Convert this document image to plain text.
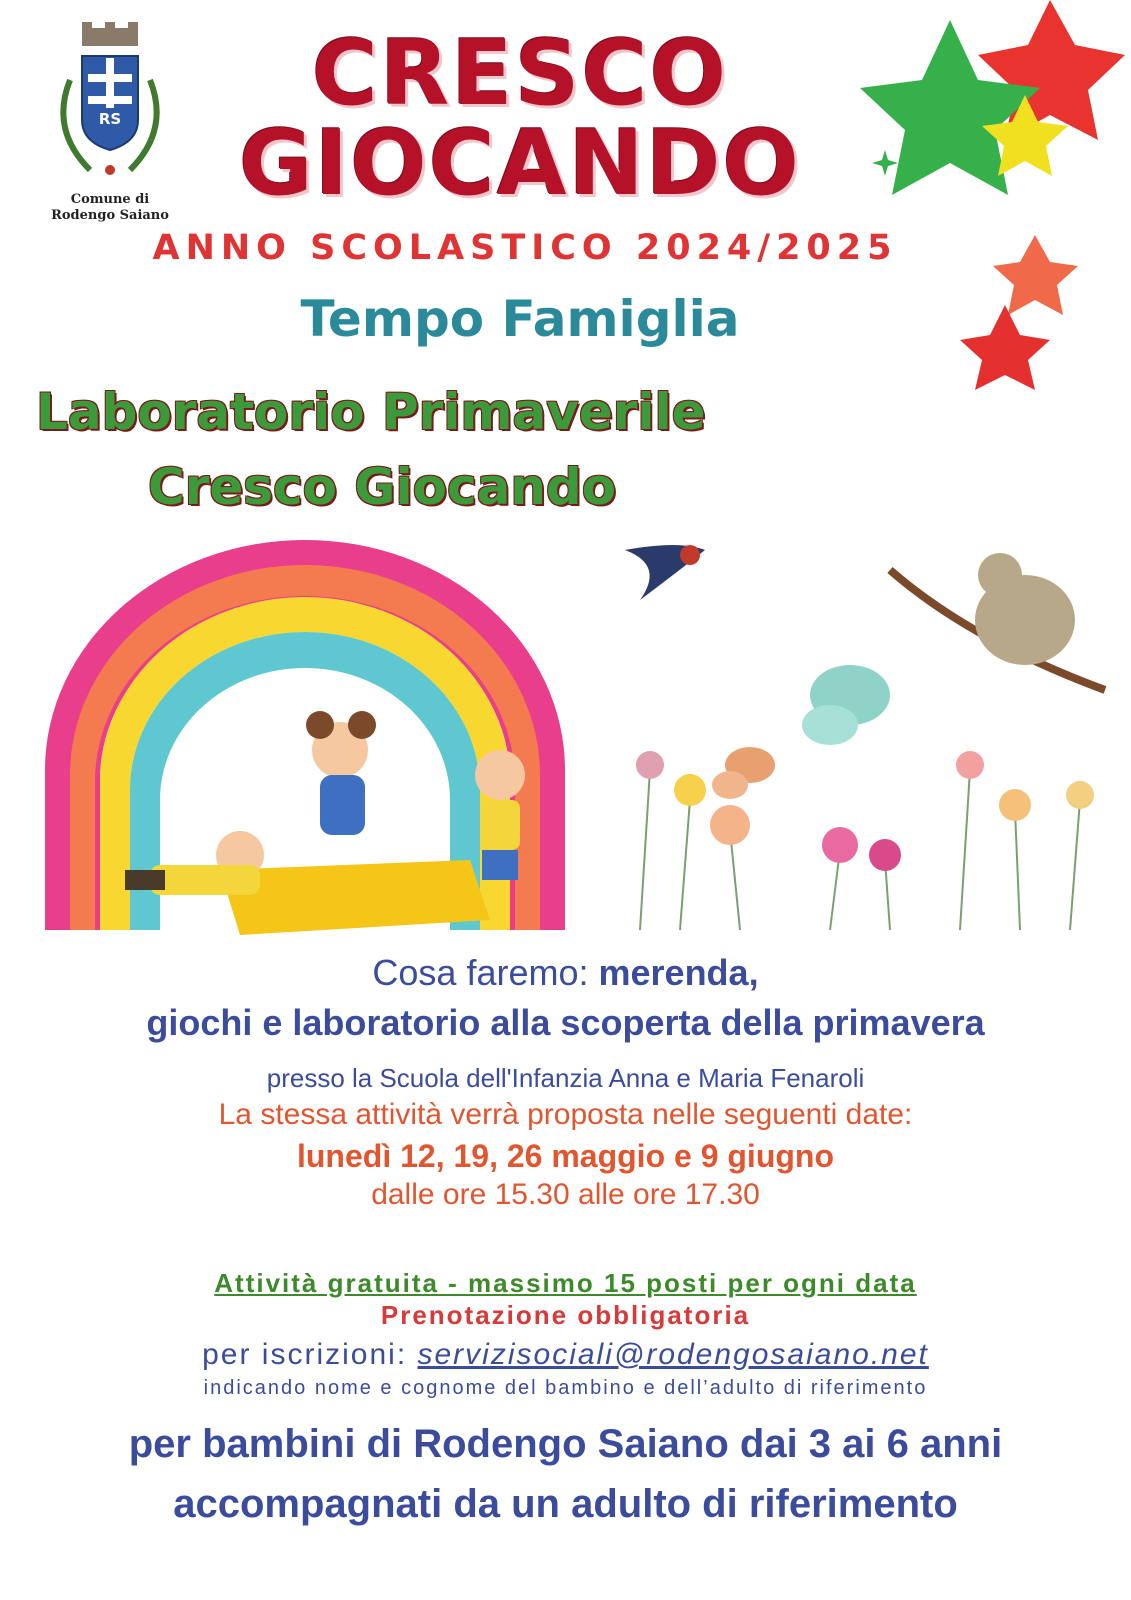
RS
Comune di
Rodengo Saiano
CRESCO
GIOCANDO
ANNO SCOLASTICO 2024/2025
Tempo Famiglia
Laboratorio Primaverile
Cresco Giocando
Cosa faremo: merenda,
giochi e laboratorio alla scoperta della primavera
presso la Scuola dell'Infanzia Anna e Maria Fenaroli
La stessa attività verrà proposta nelle seguenti date:
lunedì 12, 19, 26 maggio e 9 giugno
dalle ore 15.30 alle ore 17.30
Attività gratuita - massimo 15 posti per ogni data
Prenotazione obbligatoria
per iscrizioni: servizisociali@rodengosaiano.net
indicando nome e cognome del bambino e dell’adulto di riferimento
per bambini di Rodengo Saiano dai 3 ai 6 anni
accompagnati da un adulto di riferimento
